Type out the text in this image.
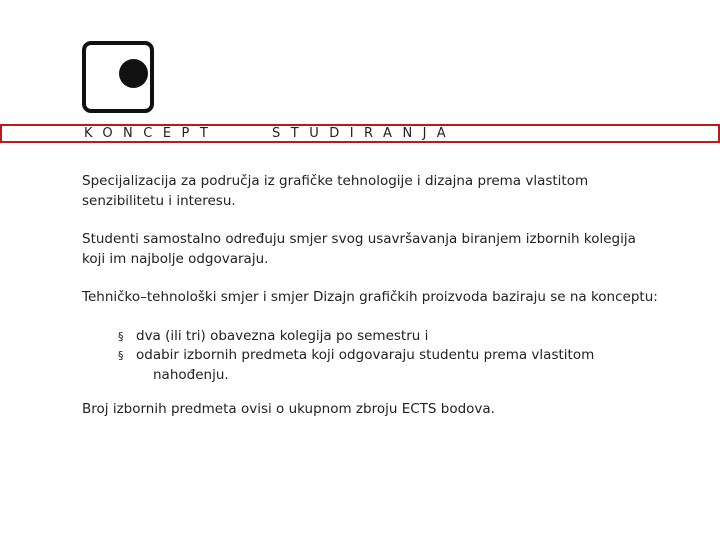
KONCEPT	STUDIRANJA

Specijalizacija za područja iz grafičke tehnologije i dizajna prema vlastitom senzibilitetu i interesu.

Studenti samostalno određuju smjer svog usavršavanja biranjem izbornih kolegija koji im najbolje odgovaraju.

Tehničko–tehnološki smjer i smjer Dizajn grafičkih proizvoda baziraju se na konceptu:

§ dva (ili tri) obavezna kolegija po semestru i
§ odabir izbornih predmeta koji odgovaraju studentu prema vlastitom
nahođenju.

Broj izbornih predmeta ovisi o ukupnom zbroju ECTS bodova.
